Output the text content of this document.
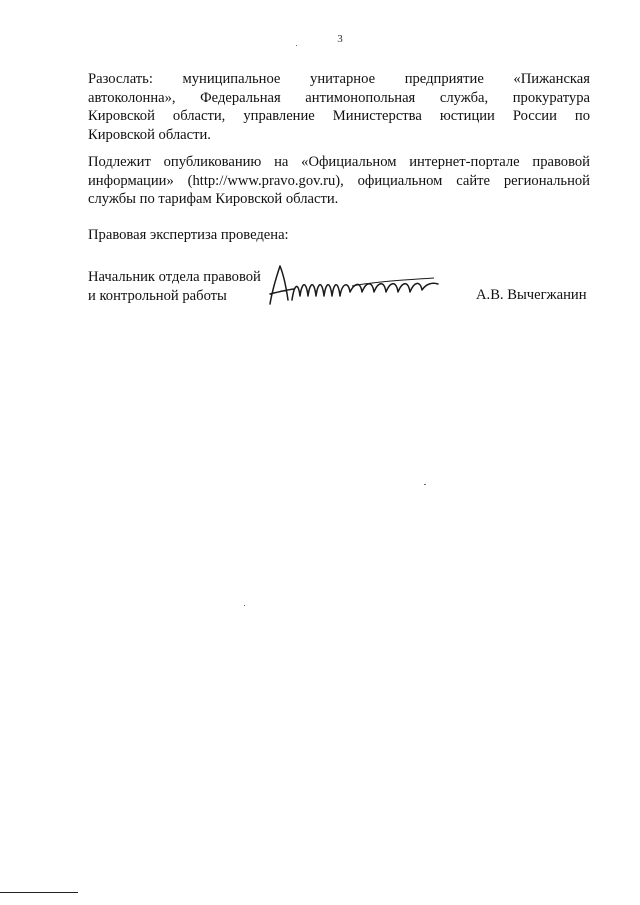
3
Разослать: муниципальное унитарное предприятие «Пижанская
автоколонна», Федеральная антимонопольная служба, прокуратура
Кировской области, управление Министерства юстиции России по
Кировской области.
Подлежит опубликованию на «Официальном интернет-портале правовой
информации» (http://www.pravo.gov.ru), официальном сайте региональной
службы по тарифам Кировской области.
Правовая экспертиза проведена:
Начальник отдела правовой
и контрольной работы	А.В. Вычегжанин
